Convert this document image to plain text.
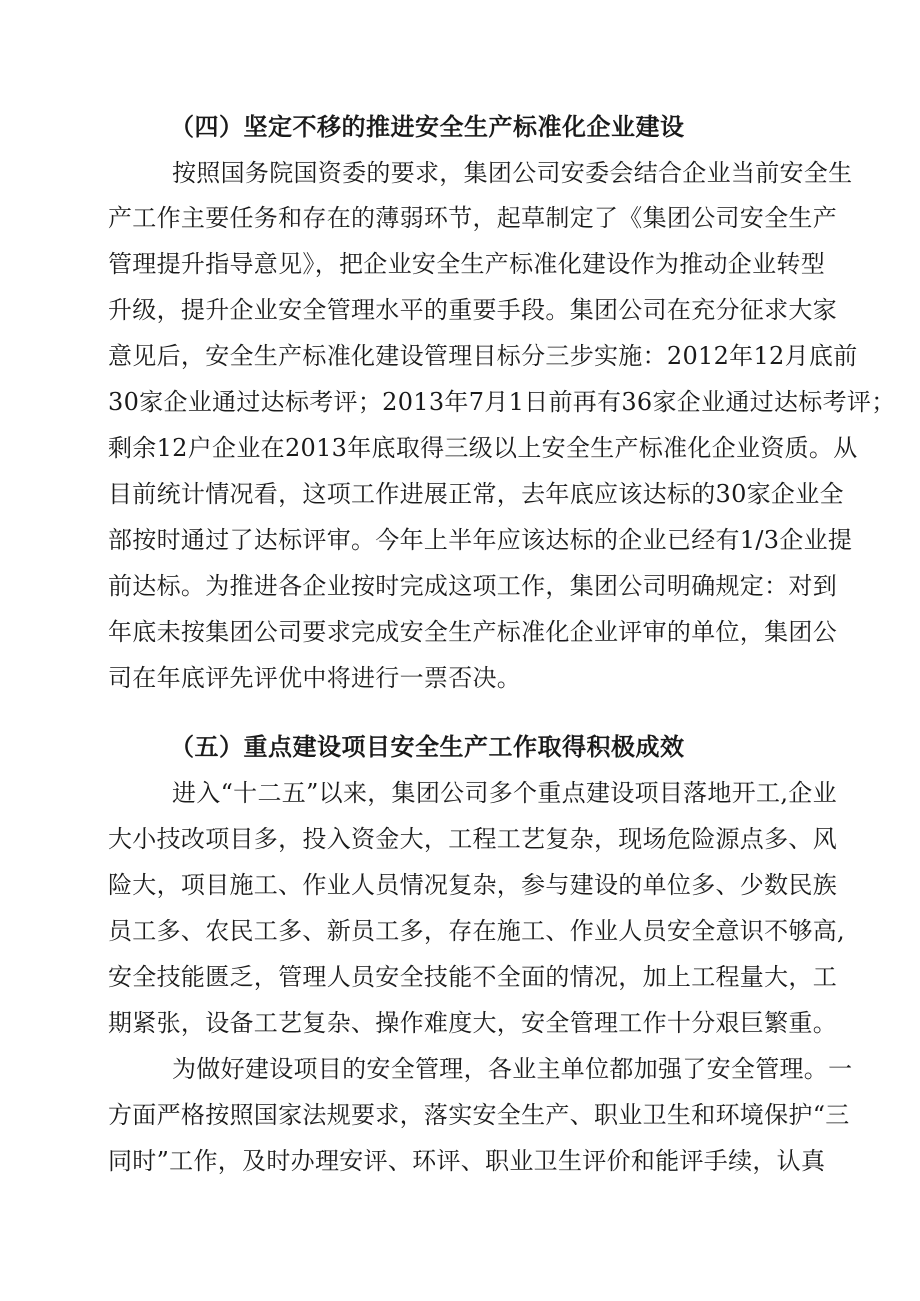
（四）坚定不移的推进安全生产标准化企业建设
按照国务院国资委的要求，集团公司安委会结合企业当前安全生
产工作主要任务和存在的薄弱环节，起草制定了《集团公司安全生产
管理提升指导意见》，把企业安全生产标准化建设作为推动企业转型
升级，提升企业安全管理水平的重要手段。集团公司在充分征求大家
意见后，安全生产标准化建设管理目标分三步实施：2012年12月底前
30家企业通过达标考评；2013年7月1日前再有36家企业通过达标考评；
剩余12户企业在2013年底取得三级以上安全生产标准化企业资质。从
目前统计情况看，这项工作进展正常，去年底应该达标的30家企业全
部按时通过了达标评审。今年上半年应该达标的企业已经有1/3企业提
前达标。为推进各企业按时完成这项工作，集团公司明确规定：对到
年底未按集团公司要求完成安全生产标准化企业评审的单位，集团公
司在年底评先评优中将进行一票否决。
（五）重点建设项目安全生产工作取得积极成效
进入“十二五”以来，集团公司多个重点建设项目落地开工,企业
大小技改项目多，投入资金大，工程工艺复杂，现场危险源点多、风
险大，项目施工、作业人员情况复杂，参与建设的单位多、少数民族
员工多、农民工多、新员工多，存在施工、作业人员安全意识不够高,
安全技能匮乏，管理人员安全技能不全面的情况，加上工程量大，工
期紧张，设备工艺复杂、操作难度大，安全管理工作十分艰巨繁重。
为做好建设项目的安全管理，各业主单位都加强了安全管理。一
方面严格按照国家法规要求，落实安全生产、职业卫生和环境保护“三
同时”工作，及时办理安评、环评、职业卫生评价和能评手续，认真
